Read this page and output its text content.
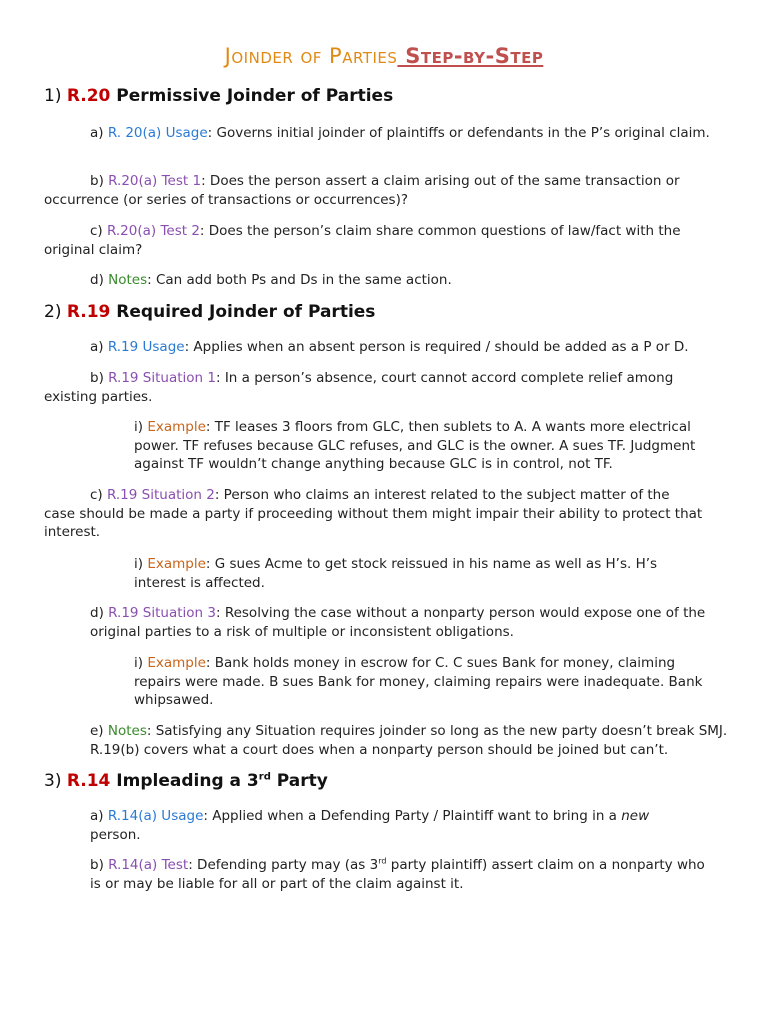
Joinder of Parties Step-by-Step
1) R.20 Permissive Joinder of Parties
a) R. 20(a) Usage: Governs initial joinder of plaintiffs or defendants in the P’s original claim.
b) R.20(a) Test 1: Does the person assert a claim arising out of the same transaction or occurrence (or series of transactions or occurrences)?
c) R.20(a) Test 2: Does the person’s claim share common questions of law/fact with the original claim?
d) Notes: Can add both Ps and Ds in the same action.
2) R.19 Required Joinder of Parties
a) R.19 Usage: Applies when an absent person is required / should be added as a P or D.
b) R.19 Situation 1: In a person’s absence, court cannot accord complete relief among existing parties.
i) Example: TF leases 3 floors from GLC, then sublets to A. A wants more electrical power. TF refuses because GLC refuses, and GLC is the owner. A sues TF. Judgment against TF wouldn’t change anything because GLC is in control, not TF.
c) R.19 Situation 2: Person who claims an interest related to the subject matter of the case should be made a party if proceeding without them might impair their ability to protect that interest.
i) Example: G sues Acme to get stock reissued in his name as well as H’s. H’s interest is affected.
d) R.19 Situation 3: Resolving the case without a nonparty person would expose one of the original parties to a risk of multiple or inconsistent obligations.
i) Example: Bank holds money in escrow for C. C sues Bank for money, claiming repairs were made. B sues Bank for money, claiming repairs were inadequate. Bank whipsawed.
e) Notes: Satisfying any Situation requires joinder so long as the new party doesn’t break SMJ. R.19(b) covers what a court does when a nonparty person should be joined but can’t.
3) R.14 Impleading a 3rd Party
a) R.14(a) Usage: Applied when a Defending Party / Plaintiff want to bring in a new person.
b) R.14(a) Test: Defending party may (as 3rd party plaintiff) assert claim on a nonparty who is or may be liable for all or part of the claim against it.
